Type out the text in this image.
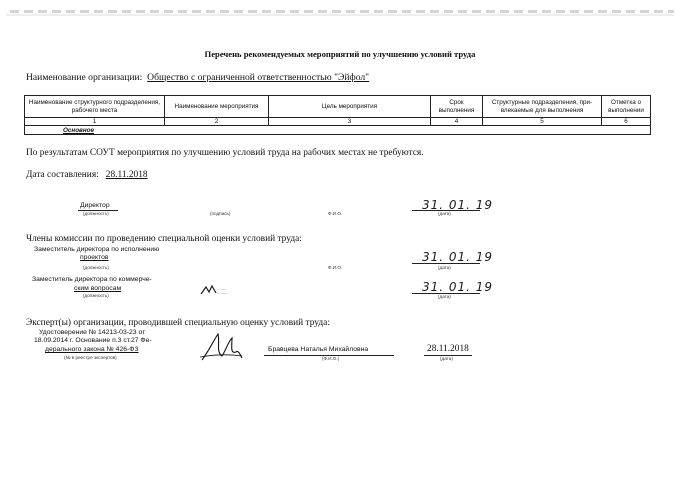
Перечень рекомендуемых мероприятий по улучшению условий труда
Наименование организации: Общество с ограниченной ответственностью "Эйфол"
Наименование структурного подразделения, рабочего места	Наименование мероприятия	Цель мероприятия	Срок выполнения	Структурные подразделения, при- влекаемые для выполнения	Отметка о выполнении
1	2	3	4	5	6
Основное					
По результатам СОУТ мероприятия по улучшению условий труда на рабочих местах не требуются.
Дата составления: 28.11.2018
Директор
(должность)	(подпись)	Ф.И.О.
31. 01. 19
(дата)
Члены комиссии по проведению специальной оценки условий труда:
Заместитель директора по исполнению
проектов
(должность)	Ф.И.О.
31. 01. 19
(дата)
Заместитель директора по коммерче-
ским вопросам
(должность)
········
··········	31. 01. 19
(дата)
Эксперт(ы) организации, проводившей специальную оценку условий труда:
Удостоверение № 14213-03-23 от
18.09.2014 г. Основание п.3 ст.27 Фе-
дерального закона № 426-ФЗ
(№ в реестре экспертов)
Бравцева Наталья Михайловна
(Ф.И.О.)
28.11.2018
(дата)
